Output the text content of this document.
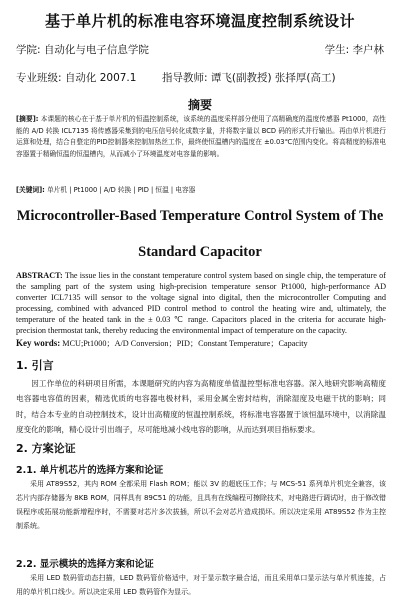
基于单片机的标准电容环境温度控制系统设计
学院: 自动化与电子信息学院	学生: 李户林
专业班级: 自动化 2007.1 指导教师: 谭飞(副教授) 张择厚(高工)
摘要
[摘要]: 本课题的核心在于基于单片机的恒温控制系统，该系统的温度采样部分使用了高精确度的温度传感器 Pt1000，高性能的 A/D 转换 ICL7135 将传感器采集到的电压信号转化成数字量，并将数字量以 BCD 码的形式并行输出。再由单片机进行运算和处理，结合自整定的PID控制器来控制加热丝工作，最终使恒温槽内的温度在 ±0.03℃范围内变化。将高精度的标准电容器置于精确恒温的恒温槽内，从而减小了环境温度对电容量的影响。
[关键词]: 单片机 | Pt1000 | A/D 转换 | PID | 恒温 | 电容器
Microcontroller-Based Temperature Control System of The Standard Capacitor
ABSTRACT: The issue lies in the constant temperature control system based on single chip, the temperature of the sampling part of the system using high-precision temperature sensor Pt1000, high-performance AD converter ICL7135 will sensor to the voltage signal into digital, then the microcontroller Computing and processing, combined with advanced PID control method to control the heating wire and, ultimately, the temperature of the heated tank in the ± 0.03 ℃ range. Capacitors placed in the criteria for accurate high-precision thermostat tank, thereby reducing the environmental impact of temperature on the capacity.
Key words: MCU;Pt1000；A/D Conversion；PID；Constant Temperature；Capacity
1. 引言
因工作单位的科研项目所需，本课题研究的内容为高精度单值温控型标准电容器。深入地研究影响高精度电容器电容值的因素，精选优质的电容器电极材料，采用金属全密封结构，消除湿度及电磁干扰的影响；同时，结合本专业的自动控制技术，设计出高精度的恒温控制系统，将标准电容器置于该恒温环境中，以消除温度变化的影响，精心设计引出端子，尽可能地减小线电容的影响，从而达到项目指标要求。
2. 方案论证
2.1. 单片机芯片的选择方案和论证
采用 AT89S52，其内 ROM 全都采用 Flash ROM；能以 3V 的超底压工作；与 MCS-51 系列单片机完全兼容，该芯片内部存储器为 8KB ROM，同样具有 89C51 的功能，且具有在线编程可擦除技术，对电路进行调试时，由于修改错误程序或拓展功能新增程序时，不需要对芯片多次拔插，所以不会对芯片造成损坏。所以决定采用 AT89S52 作为主控制系统。
2.2. 显示模块的选择方案和论证
采用 LED 数码管动态扫描，LED 数码管价格适中，对于显示数字最合适，而且采用单口显示法与单片机连接，占用的单片机口线少。所以决定采用 LED 数码管作为显示。
